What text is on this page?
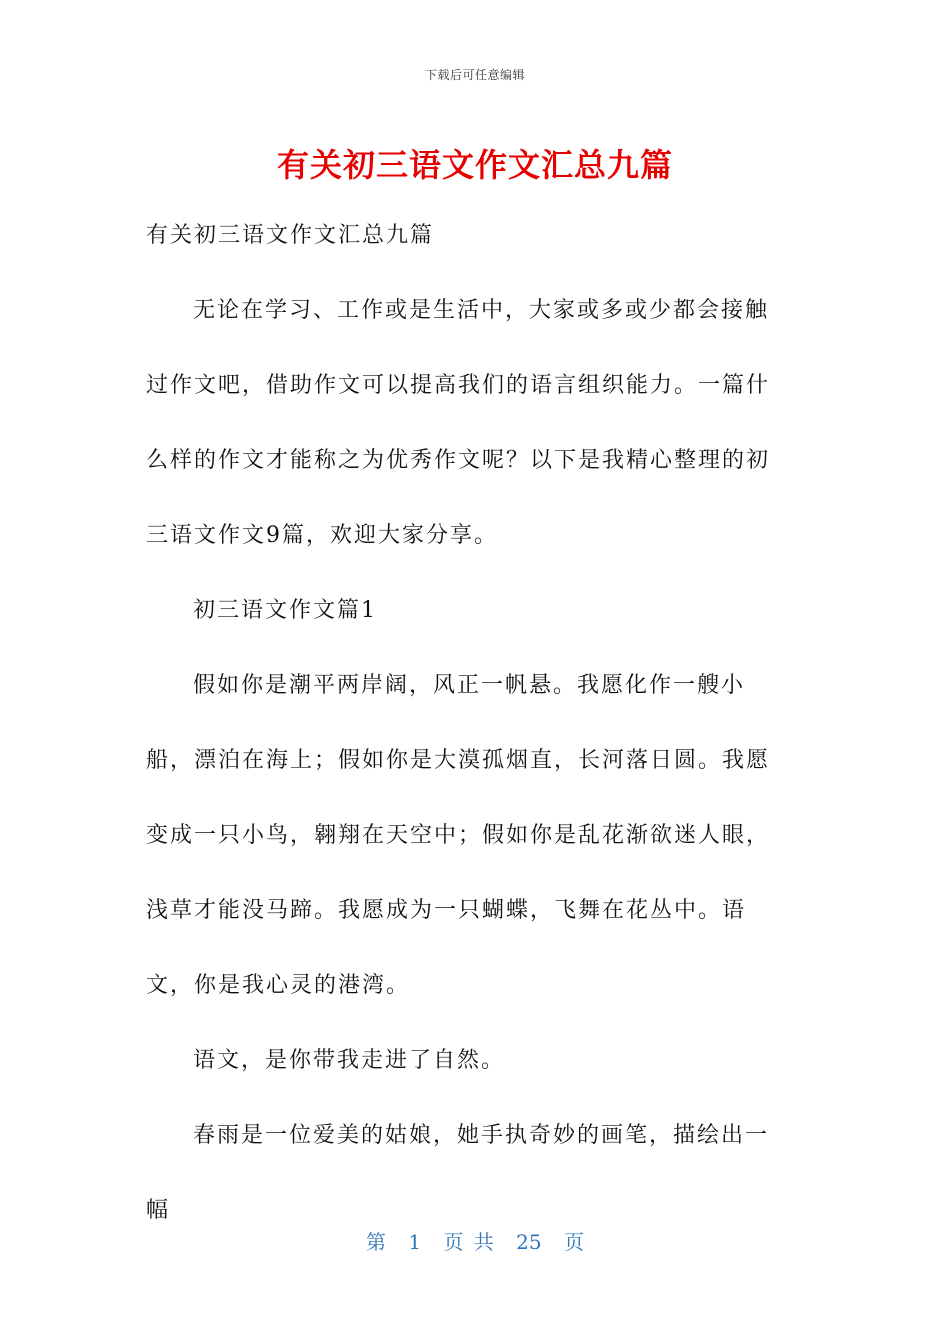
下载后可任意编辑
有关初三语文作文汇总九篇

有关初三语文作文汇总九篇

无论在学习、工作或是生活中，大家或多或少都会接触过作文吧，借助作文可以提高我们的语言组织能力。一篇什么样的作文才能称之为优秀作文呢？以下是我精心整理的初三语文作文9篇，欢迎大家分享。

初三语文作文篇1

假如你是潮平两岸阔，风正一帆悬。我愿化作一艘小船，漂泊在海上；假如你是大漠孤烟直，长河落日圆。我愿变成一只小鸟，翱翔在天空中；假如你是乱花渐欲迷人眼，浅草才能没马蹄。我愿成为一只蝴蝶，飞舞在花丛中。语文，你是我心灵的港湾。

语文，是你带我走进了自然。

春雨是一位爱美的姑娘，她手执奇妙的画笔，描绘出一幅

第 1 页 共 25 页
